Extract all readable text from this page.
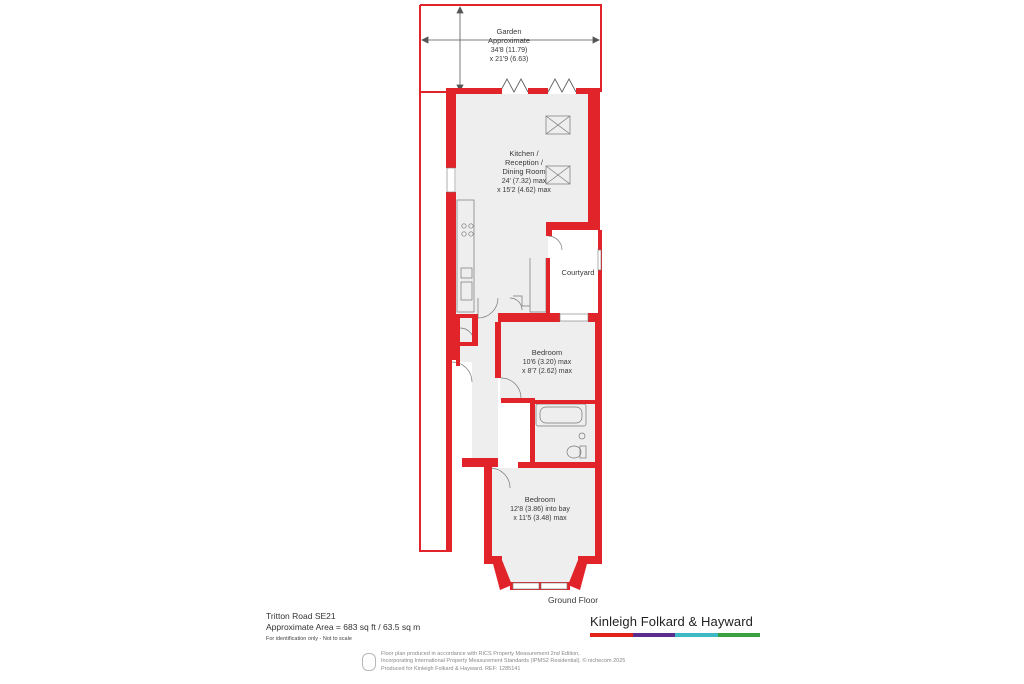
Garden
Approximate
34'8 (11.79)
x 21'9 (6.63)
Kitchen /
Reception /
Dining Room
24' (7.32) max
x 15'2 (4.62) max
Courtyard
Bedroom
10'6 (3.20) max
x 8'7 (2.62) max
Bedroom
12'8 (3.86) into bay
x 11'5 (3.48) max
Ground Floor
Tritton Road SE21
Approximate Area = 683 sq ft / 63.5 sq m
For identification only - Not to scale
Kinleigh Folkard & Hayward
Floor plan produced in accordance with RICS Property Measurement 2nd Edition,
Incorporating International Property Measurement Standards (IPMS2 Residential). © nichecom 2025
Produced for Kinleigh Folkard & Hayward. REF: 1285141
